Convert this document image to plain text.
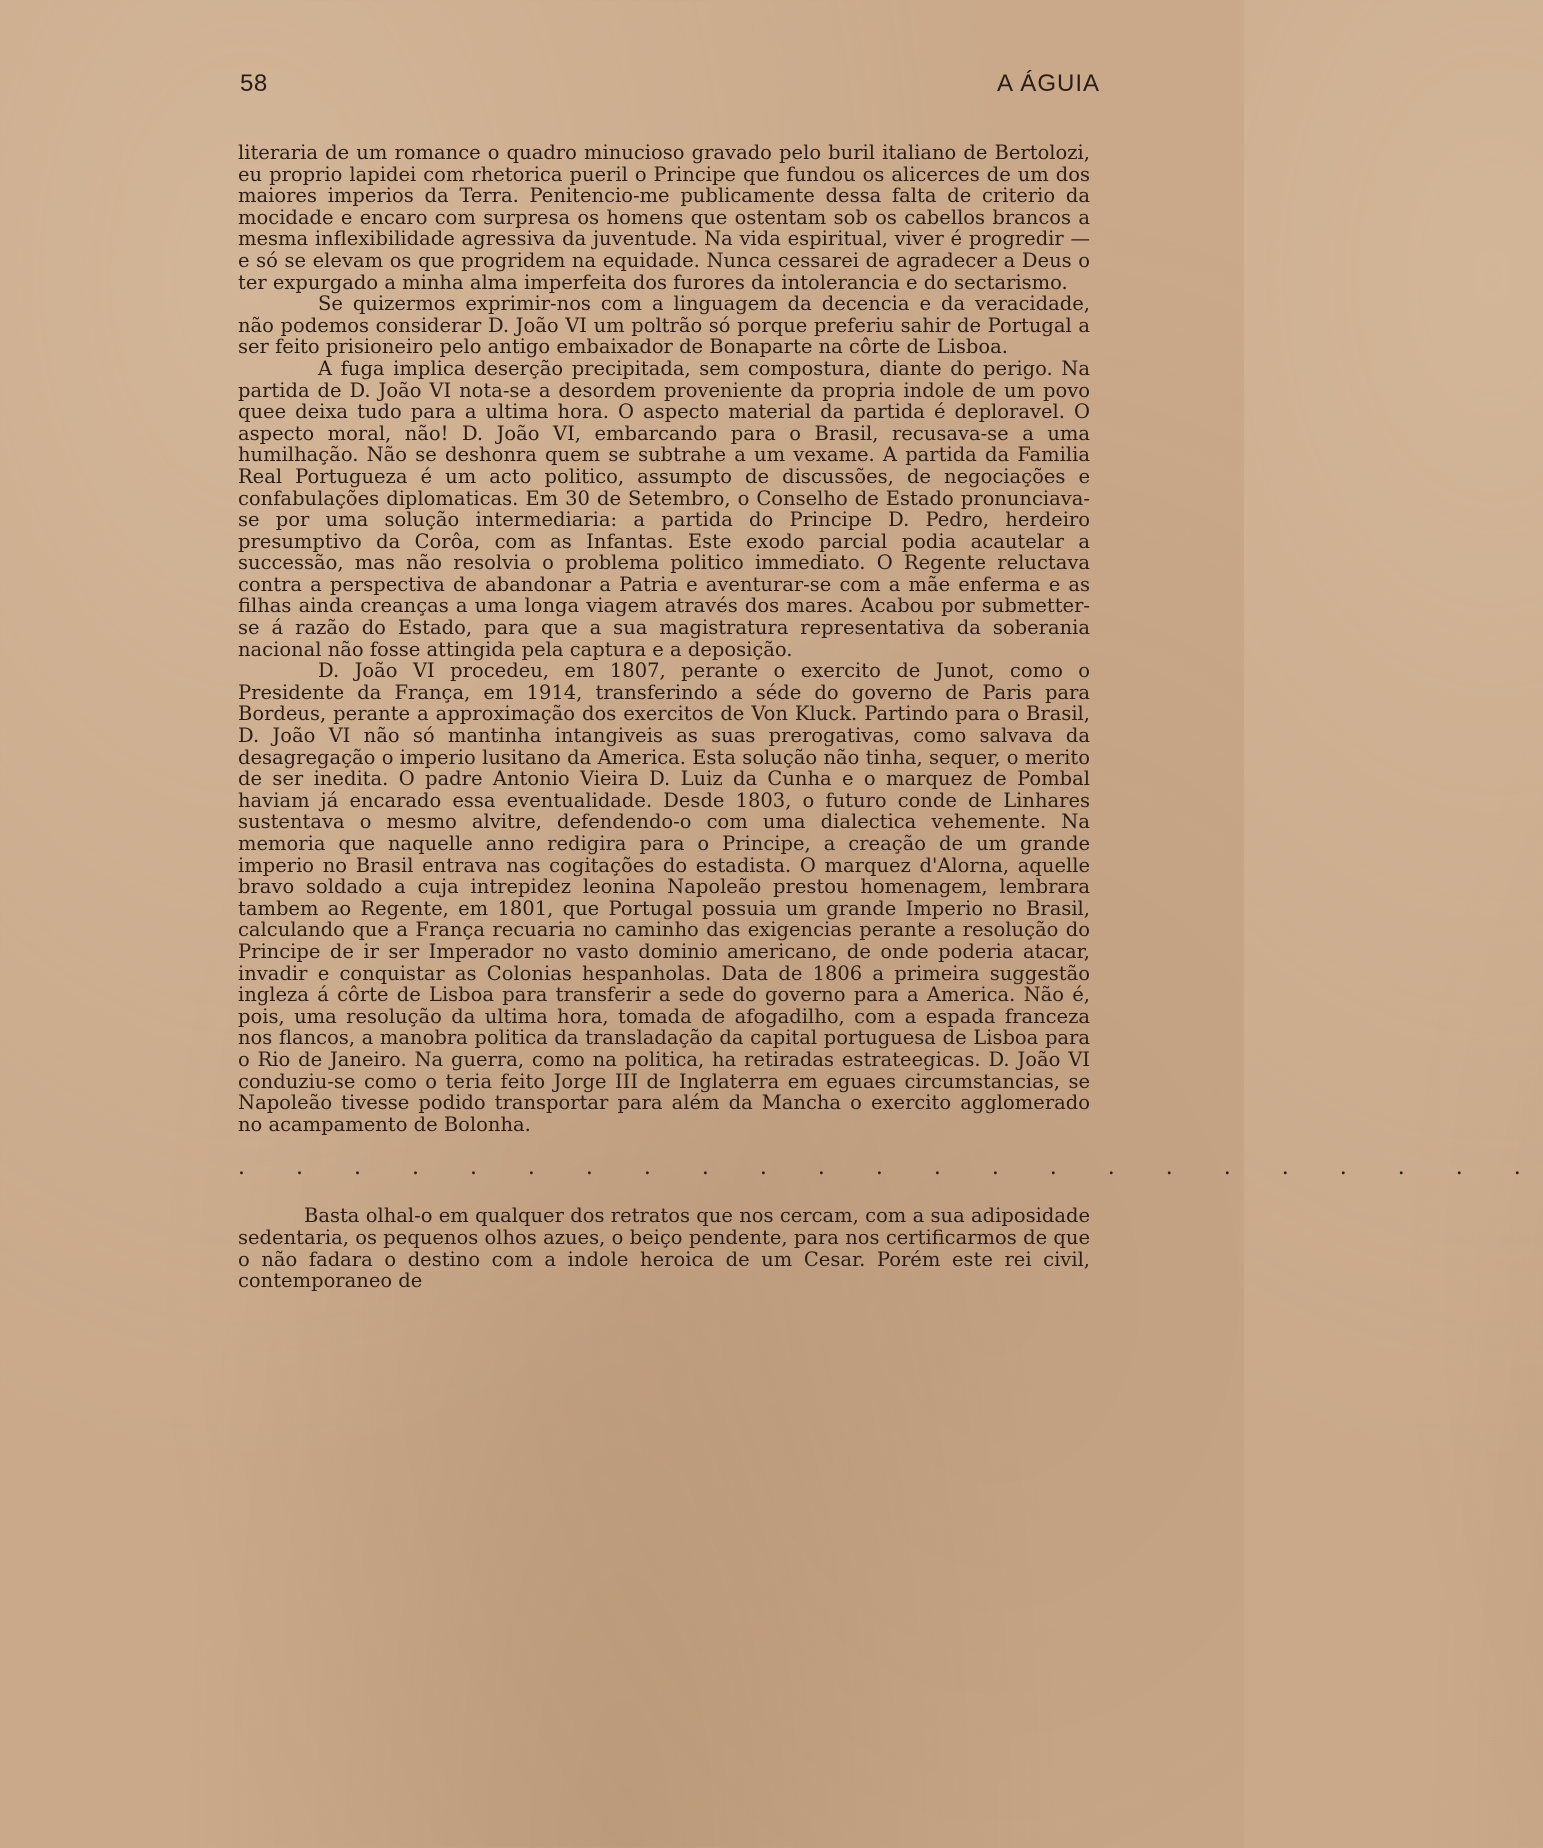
58	A ÁGUIA

literaria de um romance o quadro minucioso gravado pelo buril italiano de Bertolozi, eu proprio lapidei com rhetorica pueril o Principe que fundou os alicerces de um dos maiores imperios da Terra. Penitencio-me publicamente dessa falta de criterio da mocidade e encaro com surpresa os homens que ostentam sob os cabellos brancos a mesma inflexibilidade agressiva da juventude. Na vida espiritual, viver é progredir — e só se elevam os que progridem na equidade. Nunca cessarei de agradecer a Deus o ter expurgado a minha alma imperfeita dos furores da intolerancia e do sectarismo.

Se quizermos exprimir-nos com a linguagem da decencia e da veracidade, não podemos considerar D. João VI um poltrão só porque preferiu sahir de Portugal a ser feito prisioneiro pelo antigo embaixador de Bonaparte na côrte de Lisboa.

A fuga implica deserção precipitada, sem compostura, diante do perigo. Na partida de D. João VI nota-se a desordem proveniente da propria indole de um povo quee deixa tudo para a ultima hora. O aspecto material da partida é deploravel. O aspecto moral, não! D. João VI, embarcando para o Brasil, recusava-se a uma humilhação. Não se deshonra quem se subtrahe a um vexame. A partida da Familia Real Portugueza é um acto politico, assumpto de discussões, de negociações e confabulações diplomaticas. Em 30 de Setembro, o Conselho de Estado pronunciava-se por uma solução intermediaria: a partida do Principe D. Pedro, herdeiro presumptivo da Corôa, com as Infantas. Este exodo parcial podia acautelar a successão, mas não resolvia o problema politico immediato. O Regente reluctava contra a perspectiva de abandonar a Patria e aventurar-se com a mãe enferma e as filhas ainda creanças a uma longa viagem através dos mares. Acabou por submetter-se á razão do Estado, para que a sua magistratura representativa da soberania nacional não fosse attingida pela captura e a deposição.

D. João VI procedeu, em 1807, perante o exercito de Junot, como o Presidente da França, em 1914, transferindo a séde do governo de Paris para Bordeus, perante a approximação dos exercitos de Von Kluck. Partindo para o Brasil, D. João VI não só mantinha intangiveis as suas prerogativas, como salvava da desagregação o imperio lusitano da America. Esta solução não tinha, sequer, o merito de ser inedita. O padre Antonio Vieira D. Luiz da Cunha e o marquez de Pombal haviam já encarado essa eventualidade. Desde 1803, o futuro conde de Linhares sustentava o mesmo alvitre, defendendo-o com uma dialectica vehemente. Na memoria que naquelle anno redigira para o Principe, a creação de um grande imperio no Brasil entrava nas cogitações do estadista. O marquez d'Alorna, aquelle bravo soldado a cuja intrepidez leonina Napoleão prestou homenagem, lembrara tambem ao Regente, em 1801, que Portugal possuia um grande Imperio no Brasil, calculando que a França recuaria no caminho das exigencias perante a resolução do Principe de ir ser Imperador no vasto dominio americano, de onde poderia atacar, invadir e conquistar as Colonias hespanholas. Data de 1806 a primeira suggestão ingleza á côrte de Lisboa para transferir a sede do governo para a America. Não é, pois, uma resolução da ultima hora, tomada de afogadilho, com a espada franceza nos flancos, a manobra politica da transladação da capital portuguesa de Lisboa para o Rio de Janeiro. Na guerra, como na politica, ha retiradas estrateegicas. D. João VI conduziu-se como o teria feito Jorge III de Inglaterra em eguaes circumstancias, se Napoleão tivesse podido transportar para além da Mancha o exercito agglomerado no acampamento de Bolonha.

. . . . . . . . . . . . . . . . . . . . . . .

Basta olhal-o em qualquer dos retratos que nos cercam, com a sua adiposidade sedentaria, os pequenos olhos azues, o beiço pendente, para nos certificarmos de que o não fadara o destino com a indole heroica de um Cesar. Porém este rei civil, contemporaneo de
